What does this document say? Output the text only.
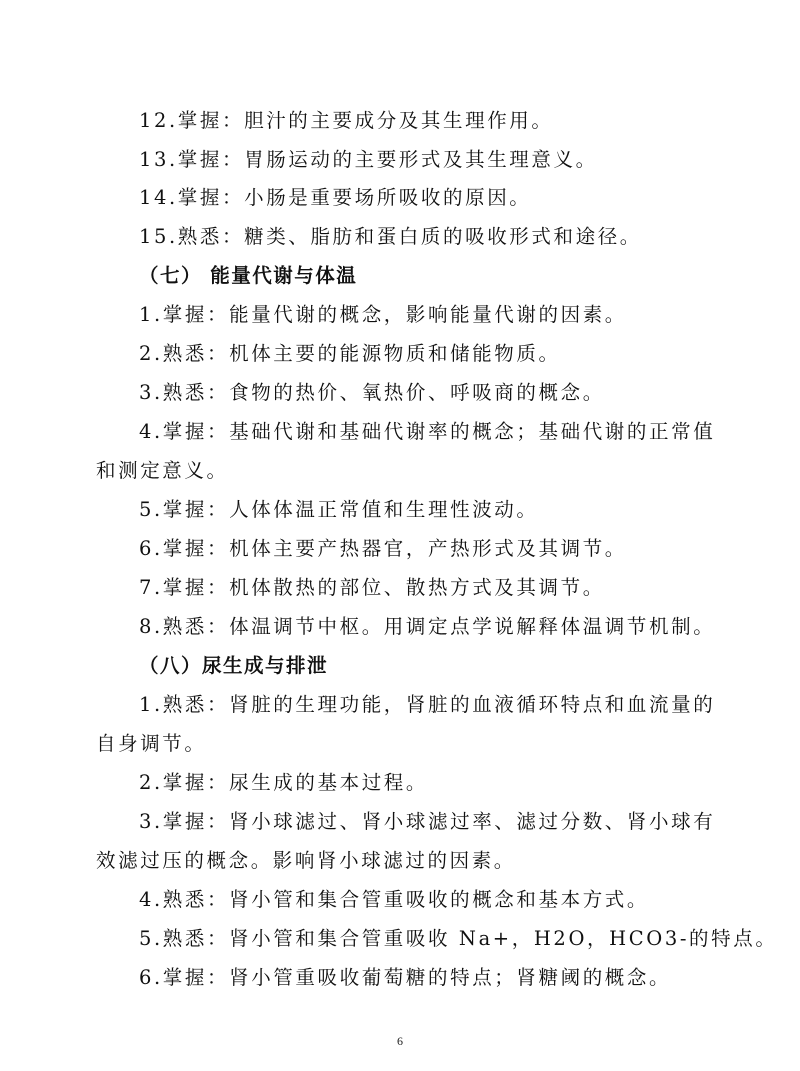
12.掌握：胆汁的主要成分及其生理作用。
13.掌握：胃肠运动的主要形式及其生理意义。
14.掌握：小肠是重要场所吸收的原因。
15.熟悉：糖类、脂肪和蛋白质的吸收形式和途径。
（七） 能量代谢与体温
1.掌握：能量代谢的概念，影响能量代谢的因素。
2.熟悉：机体主要的能源物质和储能物质。
3.熟悉：食物的热价、氧热价、呼吸商的概念。
4.掌握：基础代谢和基础代谢率的概念；基础代谢的正常值
和测定意义。
5.掌握：人体体温正常值和生理性波动。
6.掌握：机体主要产热器官，产热形式及其调节。
7.掌握：机体散热的部位、散热方式及其调节。
8.熟悉：体温调节中枢。用调定点学说解释体温调节机制。
（八）尿生成与排泄
1.熟悉：肾脏的生理功能，肾脏的血液循环特点和血流量的
自身调节。
2.掌握：尿生成的基本过程。
3.掌握：肾小球滤过、肾小球滤过率、滤过分数、肾小球有
效滤过压的概念。影响肾小球滤过的因素。
4.熟悉：肾小管和集合管重吸收的概念和基本方式。
5.熟悉：肾小管和集合管重吸收 Na+，H2O，HCO3-的特点。
6.掌握：肾小管重吸收葡萄糖的特点；肾糖阈的概念。
6
